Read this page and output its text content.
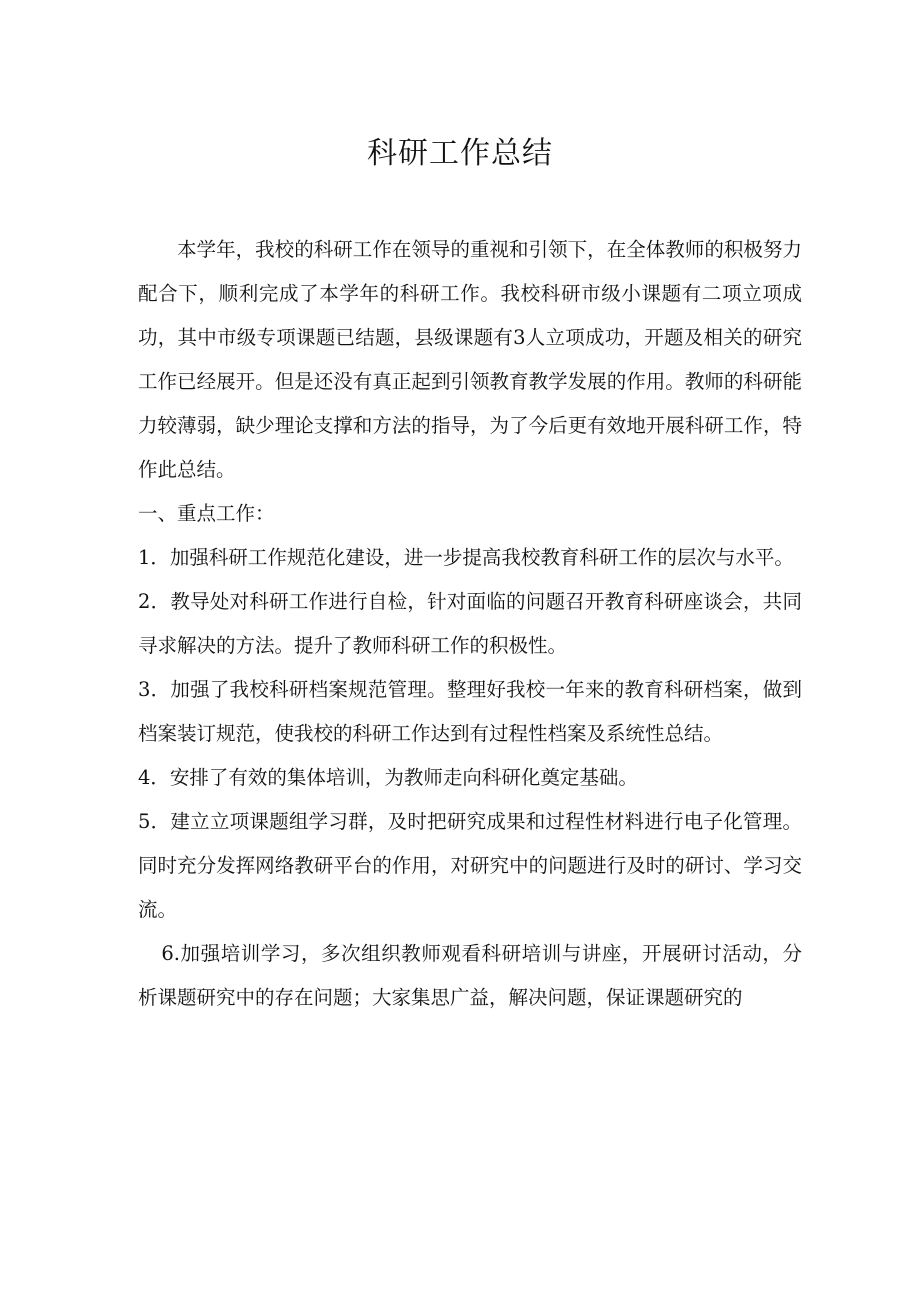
科研工作总结

本学年，我校的科研工作在领导的重视和引领下，在全体教师的积极努力配合下，顺利完成了本学年的科研工作。我校科研市级小课题有二项立项成功，其中市级专项课题已结题，县级课题有3人立项成功，开题及相关的研究工作已经展开。但是还没有真正起到引领教育教学发展的作用。教师的科研能力较薄弱，缺少理论支撑和方法的指导，为了今后更有效地开展科研工作，特作此总结。

一、重点工作：

1．加强科研工作规范化建设，进一步提高我校教育科研工作的层次与水平。

2．教导处对科研工作进行自检，针对面临的问题召开教育科研座谈会，共同寻求解决的方法。提升了教师科研工作的积极性。

3．加强了我校科研档案规范管理。整理好我校一年来的教育科研档案，做到档案装订规范，使我校的科研工作达到有过程性档案及系统性总结。

4．安排了有效的集体培训，为教师走向科研化奠定基础。

5．建立立项课题组学习群，及时把研究成果和过程性材料进行电子化管理。同时充分发挥网络教研平台的作用，对研究中的问题进行及时的研讨、学习交流。

6.加强培训学习，多次组织教师观看科研培训与讲座，开展研讨活动，分析课题研究中的存在问题；大家集思广益，解决问题，保证课题研究的
